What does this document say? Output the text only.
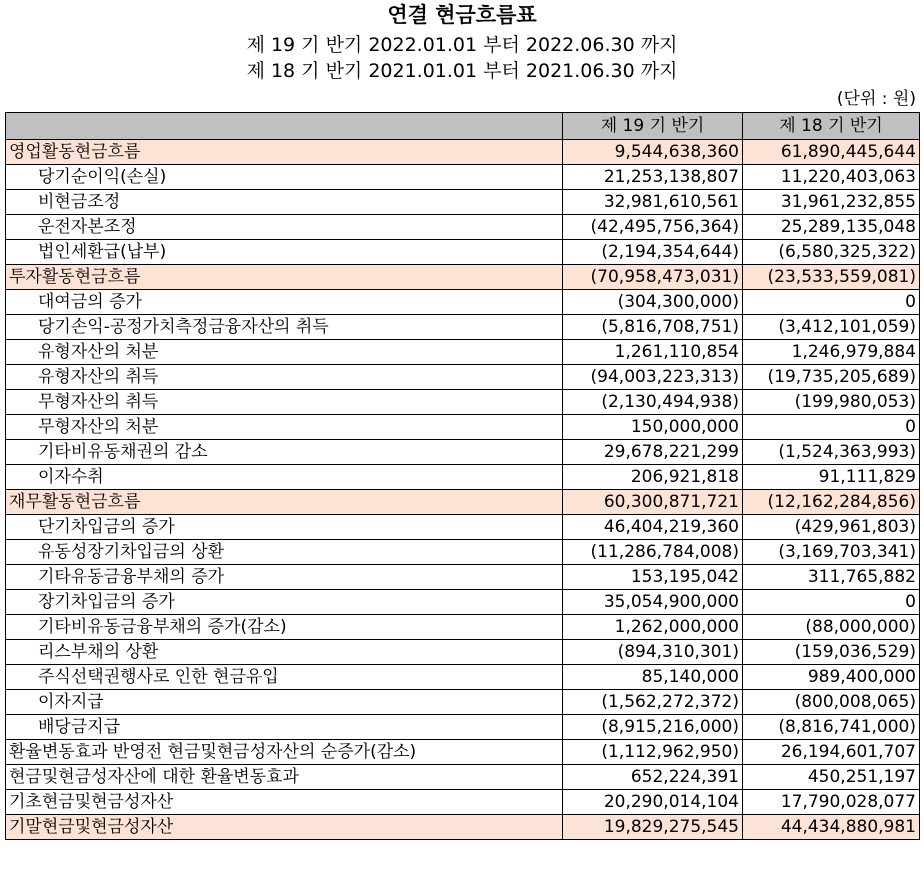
연결 현금흐름표
제 19 기 반기 2022.01.01 부터 2022.06.30 까지
제 18 기 반기 2021.01.01 부터 2021.06.30 까지
(단위 : 원)
	제 19 기 반기	제 18 기 반기
영업활동현금흐름	9,544,638,360	61,890,445,644
당기순이익(손실)	21,253,138,807	11,220,403,063
비현금조정	32,981,610,561	31,961,232,855
운전자본조정	(42,495,756,364)	25,289,135,048
법인세환급(납부)	(2,194,354,644)	(6,580,325,322)
투자활동현금흐름	(70,958,473,031)	(23,533,559,081)
대여금의 증가	(304,300,000)	0
당기손익-공정가치측정금융자산의 취득	(5,816,708,751)	(3,412,101,059)
유형자산의 처분	1,261,110,854	1,246,979,884
유형자산의 취득	(94,003,223,313)	(19,735,205,689)
무형자산의 취득	(2,130,494,938)	(199,980,053)
무형자산의 처분	150,000,000	0
기타비유동채권의 감소	29,678,221,299	(1,524,363,993)
이자수취	206,921,818	91,111,829
재무활동현금흐름	60,300,871,721	(12,162,284,856)
단기차입금의 증가	46,404,219,360	(429,961,803)
유동성장기차입금의 상환	(11,286,784,008)	(3,169,703,341)
기타유동금융부채의 증가	153,195,042	311,765,882
장기차입금의 증가	35,054,900,000	0
기타비유동금융부채의 증가(감소)	1,262,000,000	(88,000,000)
리스부채의 상환	(894,310,301)	(159,036,529)
주식선택권행사로 인한 현금유입	85,140,000	989,400,000
이자지급	(1,562,272,372)	(800,008,065)
배당금지급	(8,915,216,000)	(8,816,741,000)
환율변동효과 반영전 현금및현금성자산의 순증가(감소)	(1,112,962,950)	26,194,601,707
현금및현금성자산에 대한 환율변동효과	652,224,391	450,251,197
기초현금및현금성자산	20,290,014,104	17,790,028,077
기말현금및현금성자산	19,829,275,545	44,434,880,981
